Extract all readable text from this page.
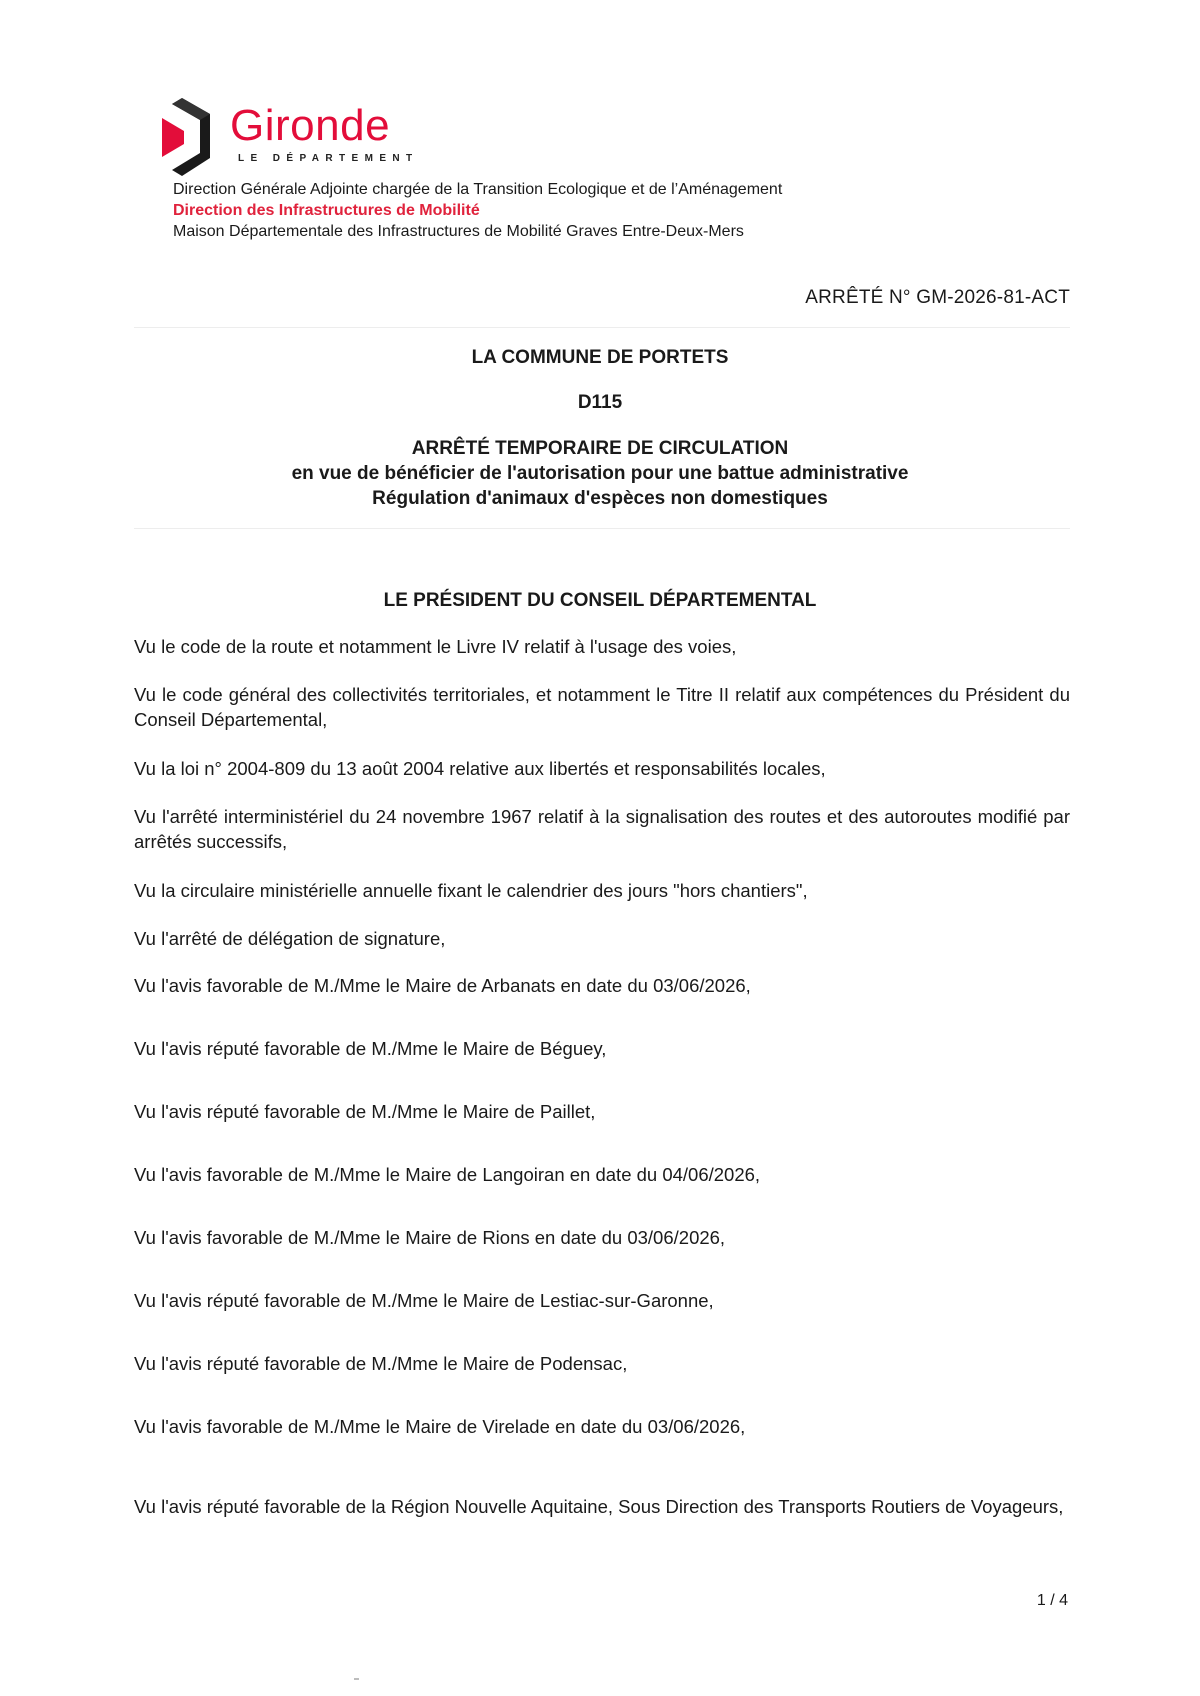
Gironde
LE DÉPARTEMENT
Direction Générale Adjointe chargée de la Transition Ecologique et de l’Aménagement
Direction des Infrastructures de Mobilité
Maison Départementale des Infrastructures de Mobilité Graves Entre-Deux-Mers
ARRÊTÉ N° GM-2026-81-ACT
LA COMMUNE DE PORTETS
D115
ARRÊTÉ TEMPORAIRE DE CIRCULATION
en vue de bénéficier de l'autorisation pour une battue administrative
Régulation d'animaux d'espèces non domestiques
LE PRÉSIDENT DU CONSEIL DÉPARTEMENTAL
Vu le code de la route et notamment le Livre IV relatif à l'usage des voies,
Vu le code général des collectivités territoriales, et notamment le Titre II relatif aux compétences du Président du Conseil Départemental,
Vu la loi n° 2004-809 du 13 août 2004 relative aux libertés et responsabilités locales,
Vu l'arrêté interministériel du 24 novembre 1967 relatif à la signalisation des routes et des autoroutes modifié par arrêtés successifs,
Vu la circulaire ministérielle annuelle fixant le calendrier des jours "hors chantiers",
Vu l'arrêté de délégation de signature,
Vu l'avis favorable de M./Mme le Maire de Arbanats en date du 03/06/2026,
Vu l'avis réputé favorable de M./Mme le Maire de Béguey,
Vu l'avis réputé favorable de M./Mme le Maire de Paillet,
Vu l'avis favorable de M./Mme le Maire de Langoiran en date du 04/06/2026,
Vu l'avis favorable de M./Mme le Maire de Rions en date du 03/06/2026,
Vu l'avis réputé favorable de M./Mme le Maire de Lestiac-sur-Garonne,
Vu l'avis réputé favorable de M./Mme le Maire de Podensac,
Vu l'avis favorable de M./Mme le Maire de Virelade en date du 03/06/2026,
Vu l'avis réputé favorable de la Région Nouvelle Aquitaine, Sous Direction des Transports Routiers de Voyageurs,
1 / 4
